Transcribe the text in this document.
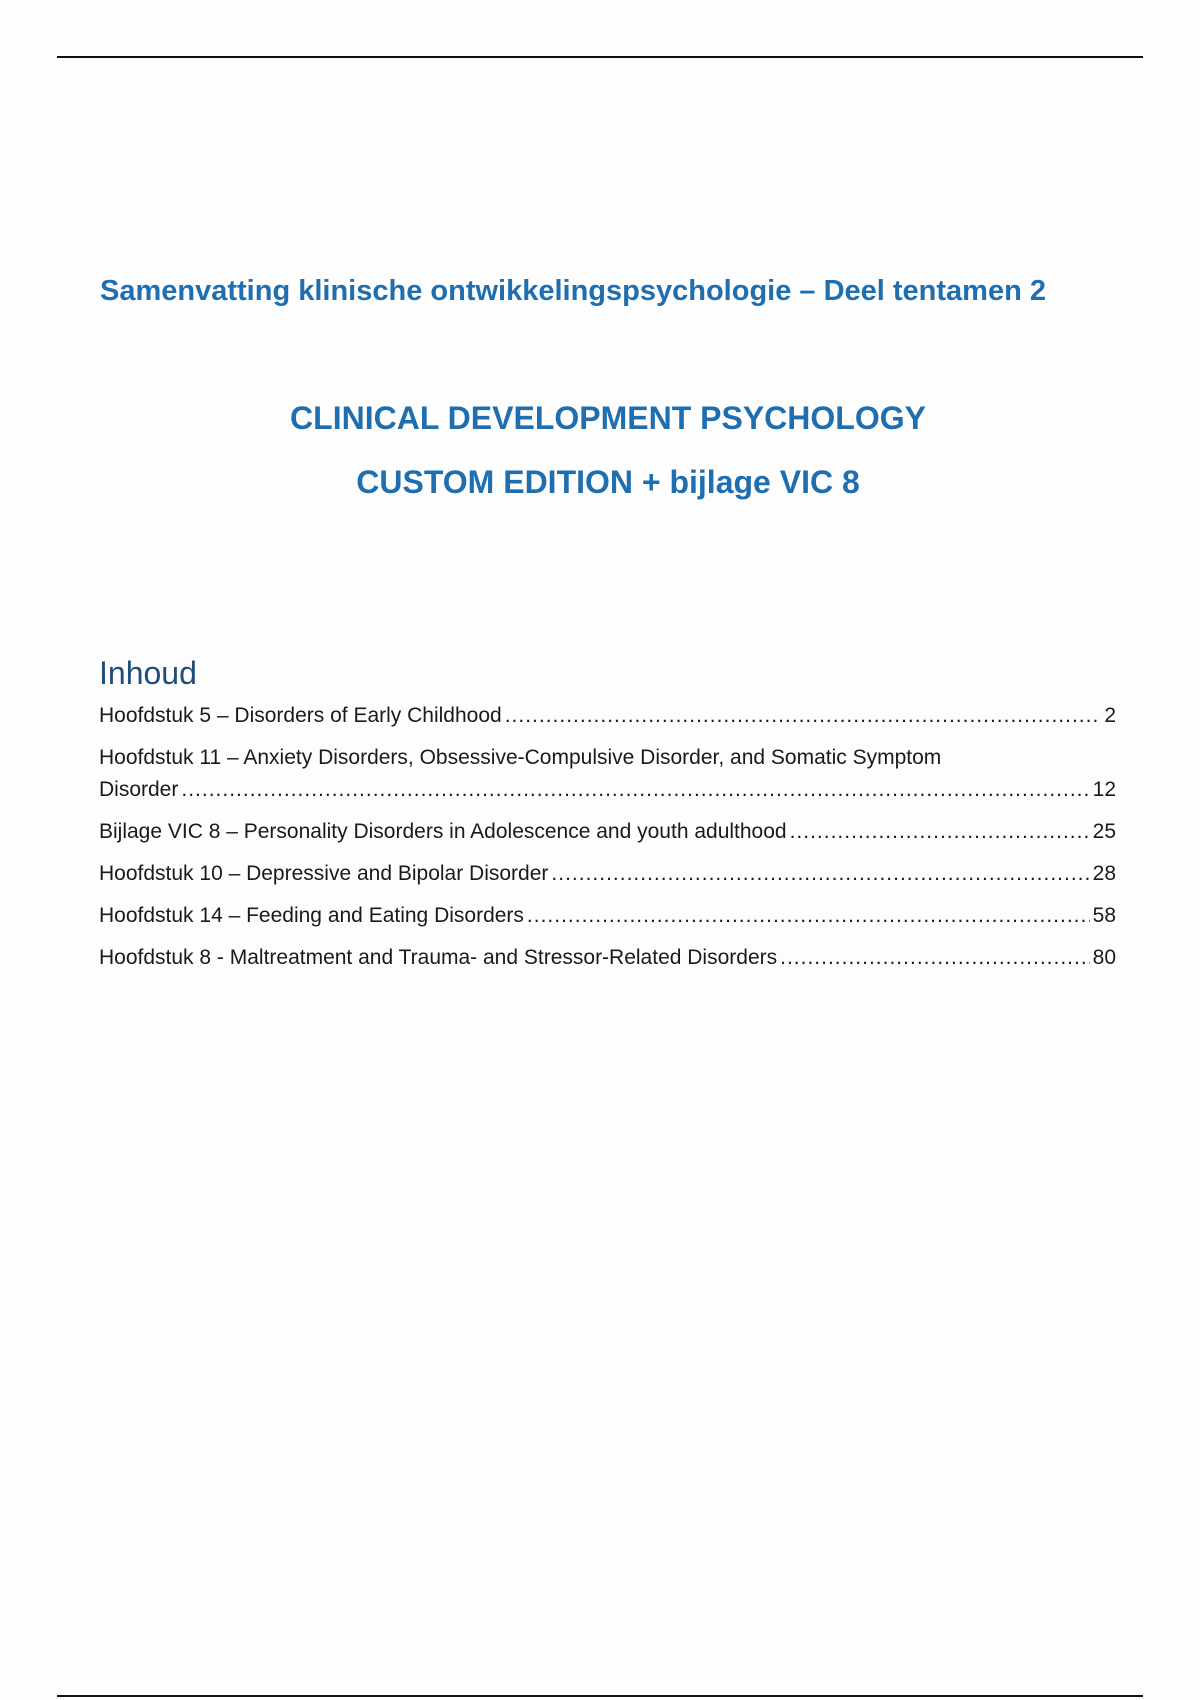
Samenvatting klinische ontwikkelingspsychologie – Deel tentamen 2
CLINICAL DEVELOPMENT PSYCHOLOGY
CUSTOM EDITION + bijlage VIC 8
Inhoud
Hoofdstuk 5 – Disorders of Early Childhood .....	2
Hoofdstuk 11 – Anxiety Disorders, Obsessive-Compulsive Disorder, and Somatic Symptom
Disorder .....	12
Bijlage VIC 8 – Personality Disorders in Adolescence and youth adulthood .....	25
Hoofdstuk 10 – Depressive and Bipolar Disorder .....	28
Hoofdstuk 14 – Feeding and Eating Disorders .....	58
Hoofdstuk 8 - Maltreatment and Trauma- and Stressor-Related Disorders .....	80
